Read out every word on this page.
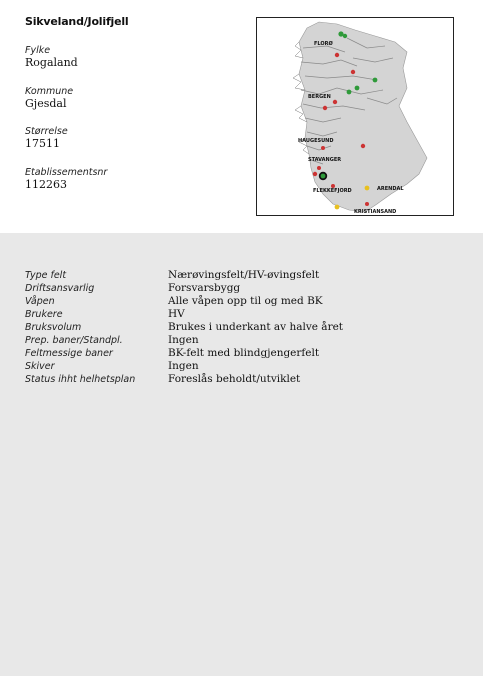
Sikveland/Jolifjell
Fylke
Rogaland
Kommune
Gjesdal
Størrelse
17511
Etablissementsnr
112263
FLORØ
BERGEN
HAUGESUND
STAVANGER
FLEKKEFJORD	ARENDAL
KRISTIANSAND
Type felt	Nærøvingsfelt/HV-øvingsfelt
Driftsansvarlig	Forsvarsbygg
Våpen	Alle våpen opp til og med BK
Brukere	HV
Bruksvolum	Brukes i underkant av halve året
Prep. baner/Standpl.	Ingen
Feltmessige baner	BK-felt med blindgjengerfelt
Skiver	Ingen
Status ihht helhetsplan	Foreslås beholdt/utviklet
